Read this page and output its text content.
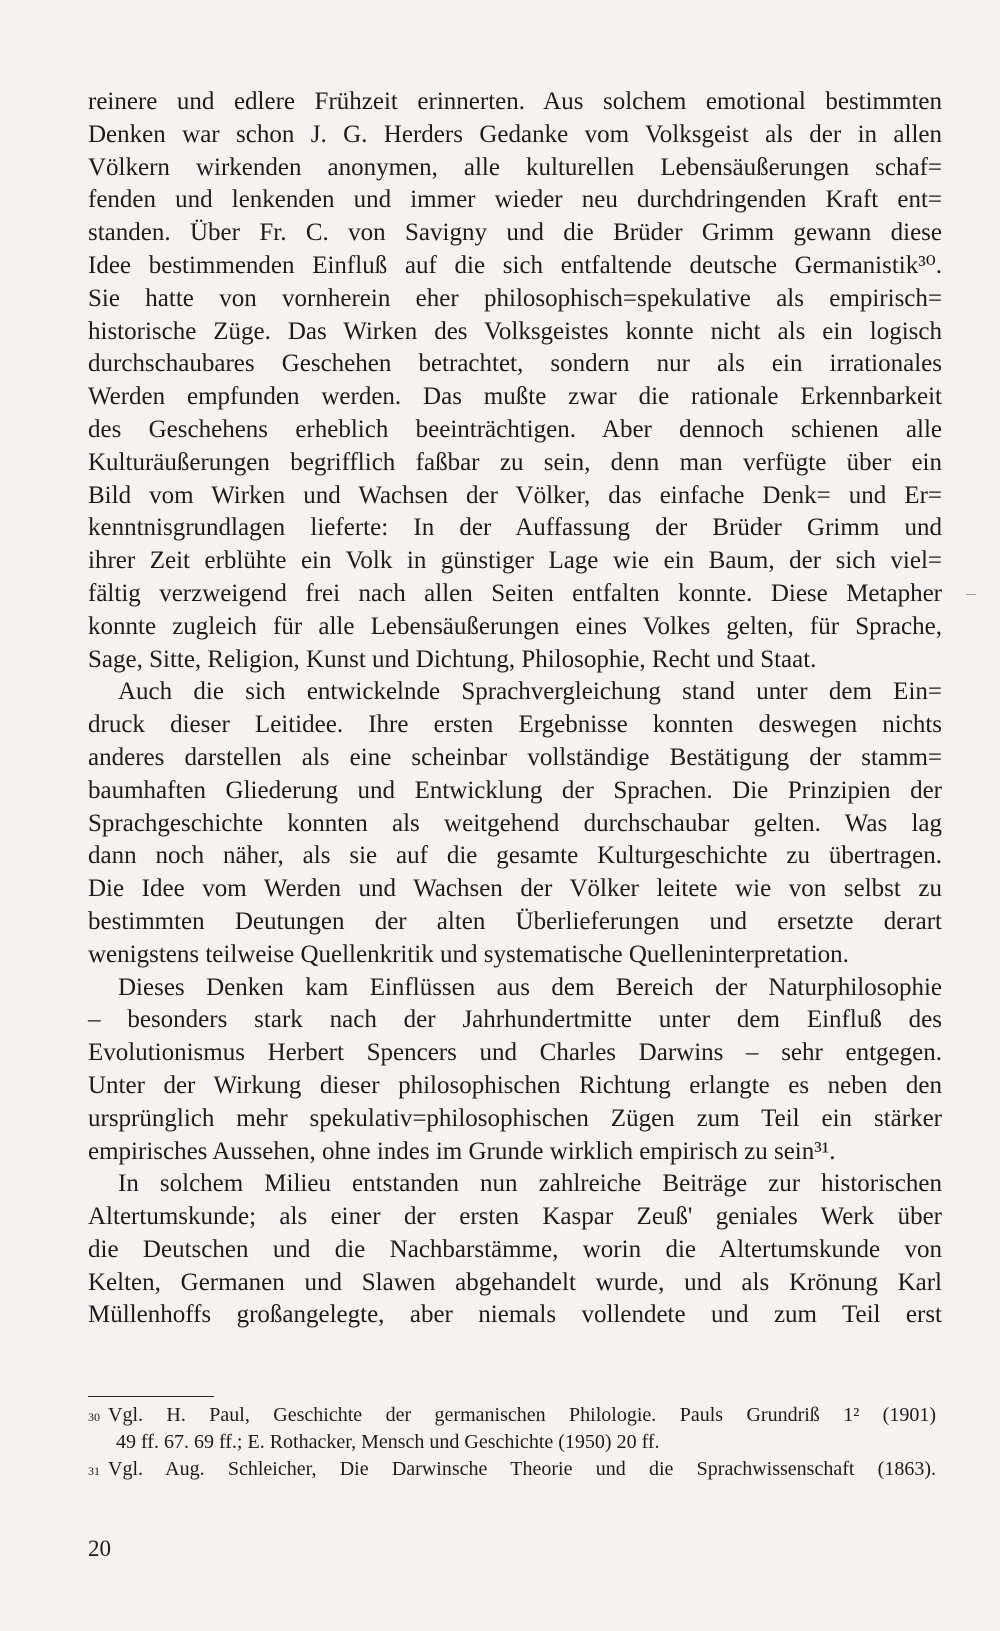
reinere und edlere Frühzeit erinnerten. Aus solchem emotional bestimmten
Denken war schon J. G. Herders Gedanke vom Volksgeist als der in allen
Völkern wirkenden anonymen, alle kulturellen Lebensäußerungen schaf=
fenden und lenkenden und immer wieder neu durchdringenden Kraft ent=
standen. Über Fr. C. von Savigny und die Brüder Grimm gewann diese
Idee bestimmenden Einfluß auf die sich entfaltende deutsche Germanistik³⁰.
Sie hatte von vornherein eher philosophisch=spekulative als empirisch=
historische Züge. Das Wirken des Volksgeistes konnte nicht als ein logisch
durchschaubares Geschehen betrachtet, sondern nur als ein irrationales
Werden empfunden werden. Das mußte zwar die rationale Erkennbarkeit
des Geschehens erheblich beeinträchtigen. Aber dennoch schienen alle
Kulturäußerungen begrifflich faßbar zu sein, denn man verfügte über ein
Bild vom Wirken und Wachsen der Völker, das einfache Denk= und Er=
kenntnisgrundlagen lieferte: In der Auffassung der Brüder Grimm und
ihrer Zeit erblühte ein Volk in günstiger Lage wie ein Baum, der sich viel=
fältig verzweigend frei nach allen Seiten entfalten konnte. Diese Metapher
konnte zugleich für alle Lebensäußerungen eines Volkes gelten, für Sprache,
Sage, Sitte, Religion, Kunst und Dichtung, Philosophie, Recht und Staat.
Auch die sich entwickelnde Sprachvergleichung stand unter dem Ein=
druck dieser Leitidee. Ihre ersten Ergebnisse konnten deswegen nichts
anderes darstellen als eine scheinbar vollständige Bestätigung der stamm=
baumhaften Gliederung und Entwicklung der Sprachen. Die Prinzipien der
Sprachgeschichte konnten als weitgehend durchschaubar gelten. Was lag
dann noch näher, als sie auf die gesamte Kulturgeschichte zu übertragen.
Die Idee vom Werden und Wachsen der Völker leitete wie von selbst zu
bestimmten Deutungen der alten Überlieferungen und ersetzte derart
wenigstens teilweise Quellenkritik und systematische Quelleninterpretation.
Dieses Denken kam Einflüssen aus dem Bereich der Naturphilosophie
– besonders stark nach der Jahrhundertmitte unter dem Einfluß des
Evolutionismus Herbert Spencers und Charles Darwins – sehr entgegen.
Unter der Wirkung dieser philosophischen Richtung erlangte es neben den
ursprünglich mehr spekulativ=philosophischen Zügen zum Teil ein stärker
empirisches Aussehen, ohne indes im Grunde wirklich empirisch zu sein³¹.
In solchem Milieu entstanden nun zahlreiche Beiträge zur historischen
Altertumskunde; als einer der ersten Kaspar Zeuß' geniales Werk über
die Deutschen und die Nachbarstämme, worin die Altertumskunde von
Kelten, Germanen und Slawen abgehandelt wurde, und als Krönung Karl
Müllenhoffs großangelegte, aber niemals vollendete und zum Teil erst
30 Vgl. H. Paul, Geschichte der germanischen Philologie. Pauls Grundriß 1² (1901)
49 ff. 67. 69 ff.; E. Rothacker, Mensch und Geschichte (1950) 20 ff.
31 Vgl. Aug. Schleicher, Die Darwinsche Theorie und die Sprachwissenschaft (1863).
20
